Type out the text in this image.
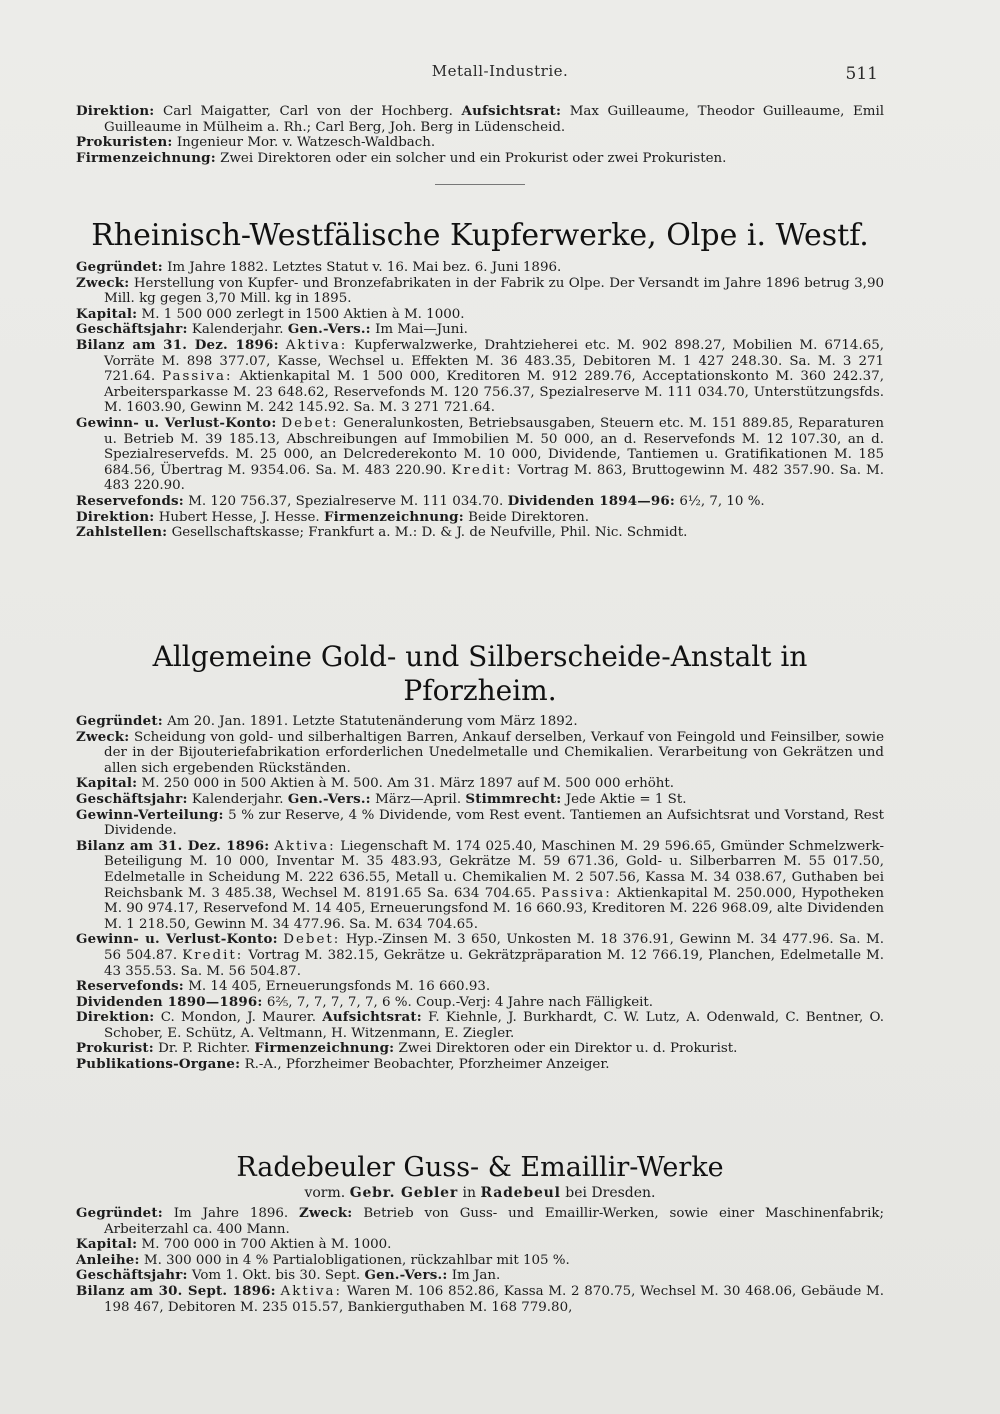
Metall-Industrie.	511

Direktion: Carl Maigatter, Carl von der Hochberg. Aufsichtsrat: Max Guilleaume, Theodor Guilleaume, Emil Guilleaume in Mülheim a. Rh.; Carl Berg, Joh. Berg in Lüdenscheid.

Prokuristen: Ingenieur Mor. v. Watzesch-Waldbach.

Firmenzeichnung: Zwei Direktoren oder ein solcher und ein Prokurist oder zwei Prokuristen.

Rheinisch-Westfälische Kupferwerke, Olpe i. Westf.

Gegründet: Im Jahre 1882. Letztes Statut v. 16. Mai bez. 6. Juni 1896.

Zweck: Herstellung von Kupfer- und Bronzefabrikaten in der Fabrik zu Olpe. Der Versandt im Jahre 1896 betrug 3,90 Mill. kg gegen 3,70 Mill. kg in 1895.

Kapital: M. 1 500 000 zerlegt in 1500 Aktien à M. 1000.

Geschäftsjahr: Kalenderjahr. Gen.-Vers.: Im Mai—Juni.

Bilanz am 31. Dez. 1896: Aktiva: Kupferwalzwerke, Drahtzieherei etc. M. 902 898.27, Mobilien M. 6714.65, Vorräte M. 898 377.07, Kasse, Wechsel u. Effekten M. 36 483.35, Debitoren M. 1 427 248.30. Sa. M. 3 271 721.64. Passiva: Aktienkapital M. 1 500 000, Kreditoren M. 912 289.76, Acceptationskonto M. 360 242.37, Arbeitersparkasse M. 23 648.62, Reservefonds M. 120 756.37, Spezialreserve M. 111 034.70, Unterstützungsfds. M. 1603.90, Gewinn M. 242 145.92. Sa. M. 3 271 721.64.

Gewinn- u. Verlust-Konto: Debet: Generalunkosten, Betriebsausgaben, Steuern etc. M. 151 889.85, Reparaturen u. Betrieb M. 39 185.13, Abschreibungen auf Immobilien M. 50 000, an d. Reservefonds M. 12 107.30, an d. Spezialreservefds. M. 25 000, an Delcrederekonto M. 10 000, Dividende, Tantiemen u. Gratifikationen M. 185 684.56, Übertrag M. 9354.06. Sa. M. 483 220.90. Kredit: Vortrag M. 863, Bruttogewinn M. 482 357.90. Sa. M. 483 220.90.

Reservefonds: M. 120 756.37, Spezialreserve M. 111 034.70. Dividenden 1894—96: 6½, 7, 10 %.

Direktion: Hubert Hesse, J. Hesse. Firmenzeichnung: Beide Direktoren.

Zahlstellen: Gesellschaftskasse; Frankfurt a. M.: D. & J. de Neufville, Phil. Nic. Schmidt.

Allgemeine Gold- und Silberscheide-Anstalt in Pforzheim.

Gegründet: Am 20. Jan. 1891. Letzte Statutenänderung vom März 1892.

Zweck: Scheidung von gold- und silberhaltigen Barren, Ankauf derselben, Verkauf von Feingold und Feinsilber, sowie der in der Bijouteriefabrikation erforderlichen Unedelmetalle und Chemikalien. Verarbeitung von Gekrätzen und allen sich ergebenden Rückständen.

Kapital: M. 250 000 in 500 Aktien à M. 500. Am 31. März 1897 auf M. 500 000 erhöht.

Geschäftsjahr: Kalenderjahr. Gen.-Vers.: März—April. Stimmrecht: Jede Aktie = 1 St.

Gewinn-Verteilung: 5 % zur Reserve, 4 % Dividende, vom Rest event. Tantiemen an Aufsichtsrat und Vorstand, Rest Dividende.

Bilanz am 31. Dez. 1896: Aktiva: Liegenschaft M. 174 025.40, Maschinen M. 29 596.65, Gmünder Schmelzwerk-Beteiligung M. 10 000, Inventar M. 35 483.93, Gekrätze M. 59 671.36, Gold- u. Silberbarren M. 55 017.50, Edelmetalle in Scheidung M. 222 636.55, Metall u. Chemikalien M. 2 507.56, Kassa M. 34 038.67, Guthaben bei Reichsbank M. 3 485.38, Wechsel M. 8191.65 Sa. 634 704.65. Passiva: Aktienkapital M. 250.000, Hypotheken M. 90 974.17, Reservefond M. 14 405, Erneuerungsfond M. 16 660.93, Kreditoren M. 226 968.09, alte Dividenden M. 1 218.50, Gewinn M. 34 477.96. Sa. M. 634 704.65.

Gewinn- u. Verlust-Konto: Debet: Hyp.-Zinsen M. 3 650, Unkosten M. 18 376.91, Gewinn M. 34 477.96. Sa. M. 56 504.87. Kredit: Vortrag M. 382.15, Gekrätze u. Gekrätzpräparation M. 12 766.19, Planchen, Edelmetalle M. 43 355.53. Sa. M. 56 504.87.

Reservefonds: M. 14 405, Erneuerungsfonds M. 16 660.93.

Dividenden 1890—1896: 6⅖, 7, 7, 7, 7, 7, 6 %. Coup.-Verj: 4 Jahre nach Fälligkeit.

Direktion: C. Mondon, J. Maurer. Aufsichtsrat: F. Kiehnle, J. Burkhardt, C. W. Lutz, A. Odenwald, C. Bentner, O. Schober, E. Schütz, A. Veltmann, H. Witzenmann, E. Ziegler.

Prokurist: Dr. P. Richter. Firmenzeichnung: Zwei Direktoren oder ein Direktor u. d. Prokurist.

Publikations-Organe: R.-A., Pforzheimer Beobachter, Pforzheimer Anzeiger.

Radebeuler Guss- & Emaillir-Werke

vorm. Gebr. Gebler in Radebeul bei Dresden.

Gegründet: Im Jahre 1896. Zweck: Betrieb von Guss- und Emaillir-Werken, sowie einer Maschinenfabrik; Arbeiterzahl ca. 400 Mann.

Kapital: M. 700 000 in 700 Aktien à M. 1000.

Anleihe: M. 300 000 in 4 % Partialobligationen, rückzahlbar mit 105 %.

Geschäftsjahr: Vom 1. Okt. bis 30. Sept. Gen.-Vers.: Im Jan.

Bilanz am 30. Sept. 1896: Aktiva: Waren M. 106 852.86, Kassa M. 2 870.75, Wechsel M. 30 468.06, Gebäude M. 198 467, Debitoren M. 235 015.57, Bankierguthaben M. 168 779.80,
